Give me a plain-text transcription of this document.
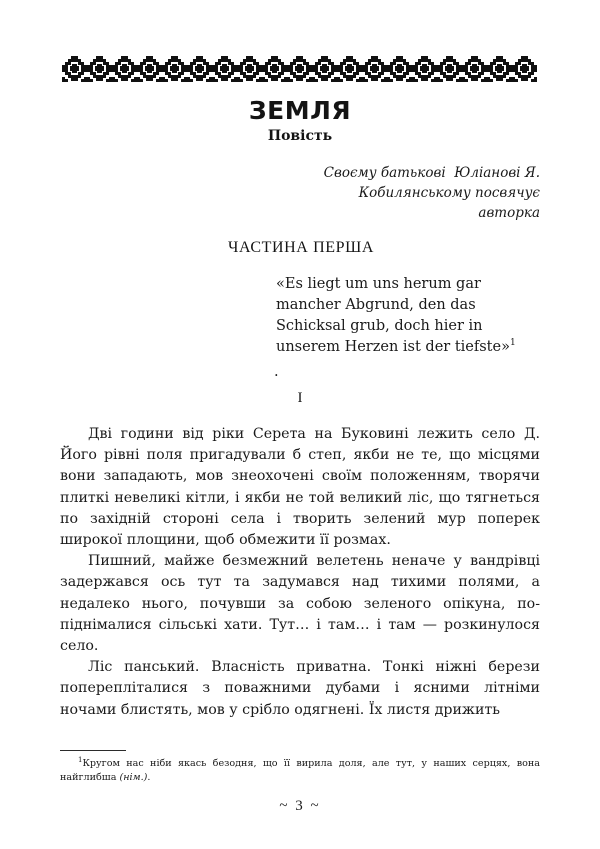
ЗЕМЛЯ
Повість
Своєму батькові  Юліанові Я.
Кобилянському посвячує
авторка
ЧАСТИНА ПЕРША
«Es liegt um uns herum gar mancher Abgrund, den das Schicksal grub, doch hier in unserem Herzen ist der tiefste»$^1$
.
I

Дві години від ріки Серета на Буковині лежить село Д. Його рівні поля пригадували б степ, якби не те, що місцями вони западають, мов знеохочені своїм положенням, творячи плиткі невеликі кітли, і якби не той великий ліс, що тягнеться по західній стороні села і творить зелений мур поперек широкої площини, щоб обмежити її розмах.

Пишний, майже безмежний велетень неначе у вандрівці задержався ось тут та задумався над тихими полями, а недалеко нього, почувши за собою зеленого опікуна, по-піднімалися сільські хати. Тут… і там… і там — розкинулося село.

Ліс панський. Власність приватна. Тонкі ніжні берези поперепліталися з поважними дубами і ясними літніми ночами блистять, мов у срібло одягнені. Їх листя дрижить

$^1$Кругом нас ніби якась безодня, що її вирила доля, але тут, у наших серцях, вона найглибша (нім.).

~ 3 ~
